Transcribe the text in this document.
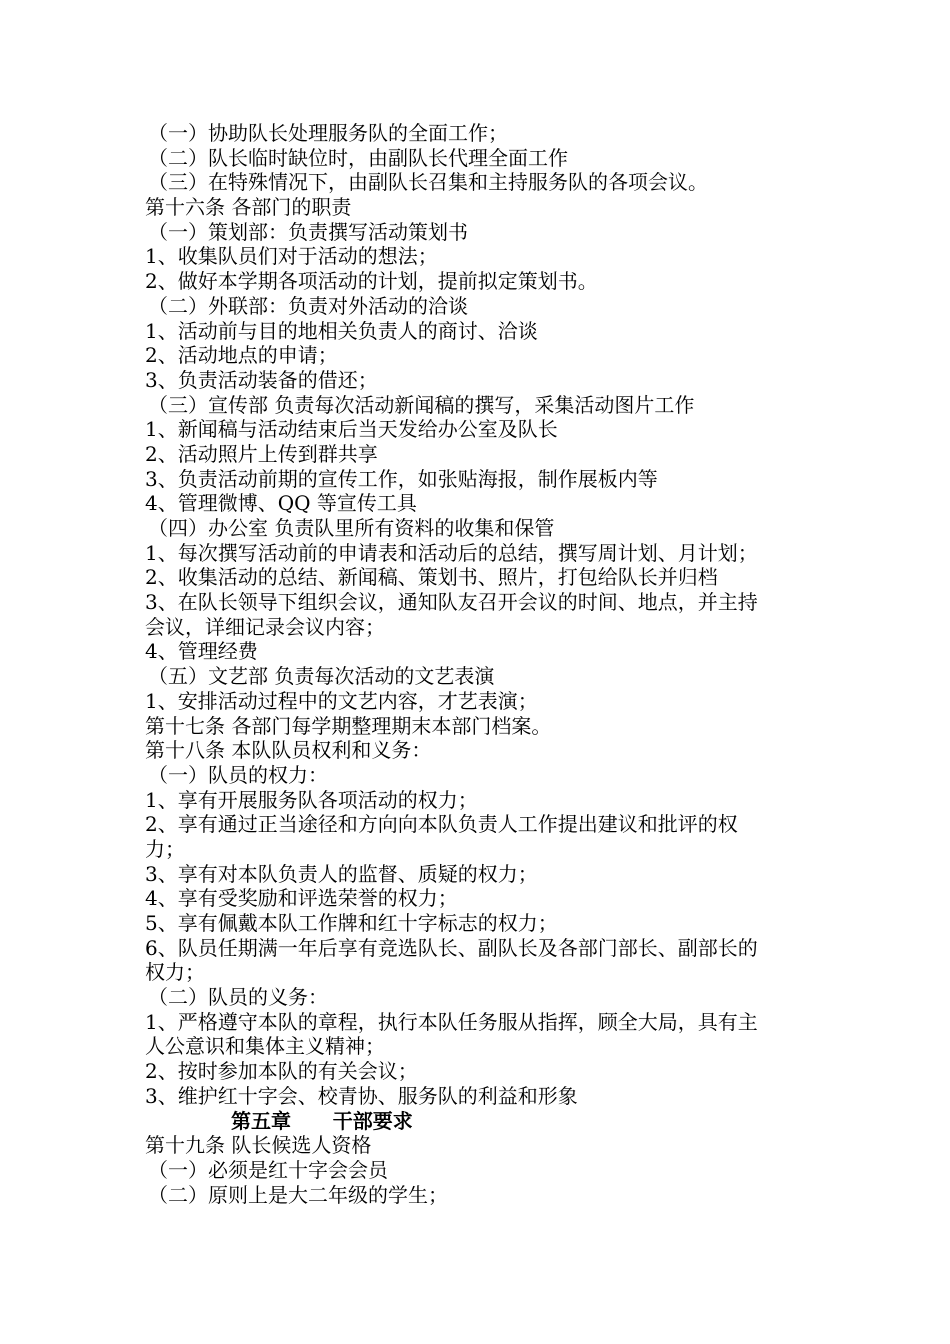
（一）协助队长处理服务队的全面工作；
（二）队长临时缺位时，由副队长代理全面工作
（三）在特殊情况下，由副队长召集和主持服务队的各项会议。
第十六条 各部门的职责
（一）策划部：负责撰写活动策划书
1、收集队员们对于活动的想法；
2、做好本学期各项活动的计划，提前拟定策划书。
（二）外联部：负责对外活动的洽谈
1、活动前与目的地相关负责人的商讨、洽谈
2、活动地点的申请；
3、负责活动装备的借还；
（三）宣传部 负责每次活动新闻稿的撰写，采集活动图片工作
1、新闻稿与活动结束后当天发给办公室及队长
2、活动照片上传到群共享
3、负责活动前期的宣传工作，如张贴海报，制作展板内等
4、管理微博、QQ 等宣传工具
（四）办公室 负责队里所有资料的收集和保管
1、每次撰写活动前的申请表和活动后的总结，撰写周计划、月计划；
2、收集活动的总结、新闻稿、策划书、照片，打包给队长并归档
3、在队长领导下组织会议，通知队友召开会议的时间、地点，并主持
会议，详细记录会议内容；
4、管理经费
（五）文艺部 负责每次活动的文艺表演
1、安排活动过程中的文艺内容，才艺表演；
第十七条 各部门每学期整理期末本部门档案。
第十八条 本队队员权利和义务：
（一）队员的权力：
1、享有开展服务队各项活动的权力；
2、享有通过正当途径和方向向本队负责人工作提出建议和批评的权
力；
3、享有对本队负责人的监督、质疑的权力；
4、享有受奖励和评选荣誉的权力；
5、享有佩戴本队工作牌和红十字标志的权力；
6、队员任期满一年后享有竞选队长、副队长及各部门部长、副部长的
权力；
（二）队员的义务：
1、严格遵守本队的章程，执行本队任务服从指挥，顾全大局，具有主
人公意识和集体主义精神；
2、按时参加本队的有关会议；
3、维护红十字会、校青协、服务队的利益和形象
第五章      干部要求
第十九条 队长候选人资格
（一）必须是红十字会会员
（二）原则上是大二年级的学生；
